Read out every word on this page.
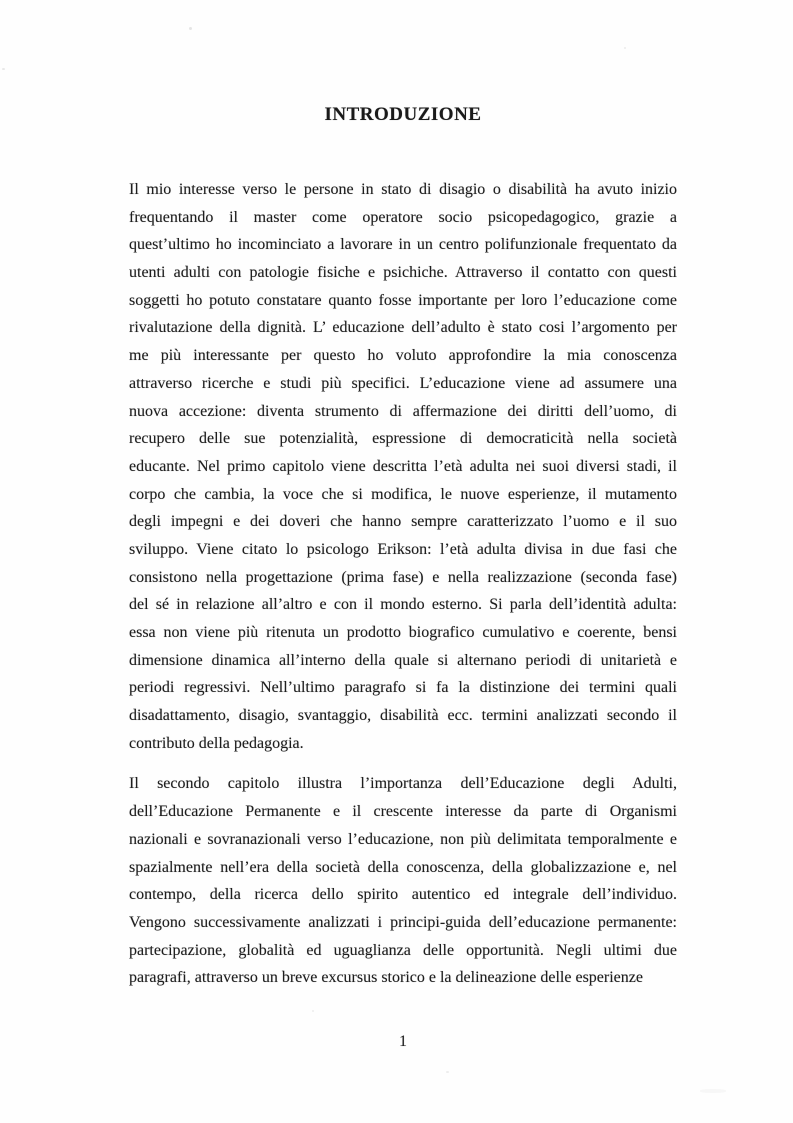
INTRODUZIONE
Il mio interesse verso le persone in stato di disagio o disabilità ha avuto inizio
frequentando il master come operatore socio psicopedagogico, grazie a
quest’ultimo ho incominciato a lavorare in un centro polifunzionale frequentato da
utenti adulti con patologie fisiche e psichiche. Attraverso il contatto con questi
soggetti ho potuto constatare quanto fosse importante per loro l’educazione come
rivalutazione della dignità. L’ educazione dell’adulto è stato cosi l’argomento per
me più interessante per questo ho voluto approfondire la mia conoscenza
attraverso ricerche e studi più specifici. L’educazione viene ad assumere una
nuova accezione: diventa strumento di affermazione dei diritti dell’uomo, di
recupero delle sue potenzialità, espressione di democraticità nella società
educante. Nel primo capitolo viene descritta l’età adulta nei suoi diversi stadi, il
corpo che cambia, la voce che si modifica, le nuove esperienze, il mutamento
degli impegni e dei doveri che hanno sempre caratterizzato l’uomo e il suo
sviluppo. Viene citato lo psicologo Erikson: l’età adulta divisa in due fasi che
consistono nella progettazione (prima fase) e nella realizzazione (seconda fase)
del sé in relazione all’altro e con il mondo esterno. Si parla dell’identità adulta:
essa non viene più ritenuta un prodotto biografico cumulativo e coerente, bensi
dimensione dinamica all’interno della quale si alternano periodi di unitarietà e
periodi regressivi. Nell’ultimo paragrafo si fa la distinzione dei termini quali
disadattamento, disagio, svantaggio, disabilità ecc. termini analizzati secondo il
contributo della pedagogia.
Il secondo capitolo illustra l’importanza dell’Educazione degli Adulti,
dell’Educazione Permanente e il crescente interesse da parte di Organismi
nazionali e sovranazionali verso l’educazione, non più delimitata temporalmente e
spazialmente nell’era della società della conoscenza, della globalizzazione e, nel
contempo, della ricerca dello spirito autentico ed integrale dell’individuo.
Vengono successivamente analizzati i principi-guida dell’educazione permanente:
partecipazione, globalità ed uguaglianza delle opportunità. Negli ultimi due
paragrafi, attraverso un breve excursus storico e la delineazione delle esperienze
1
